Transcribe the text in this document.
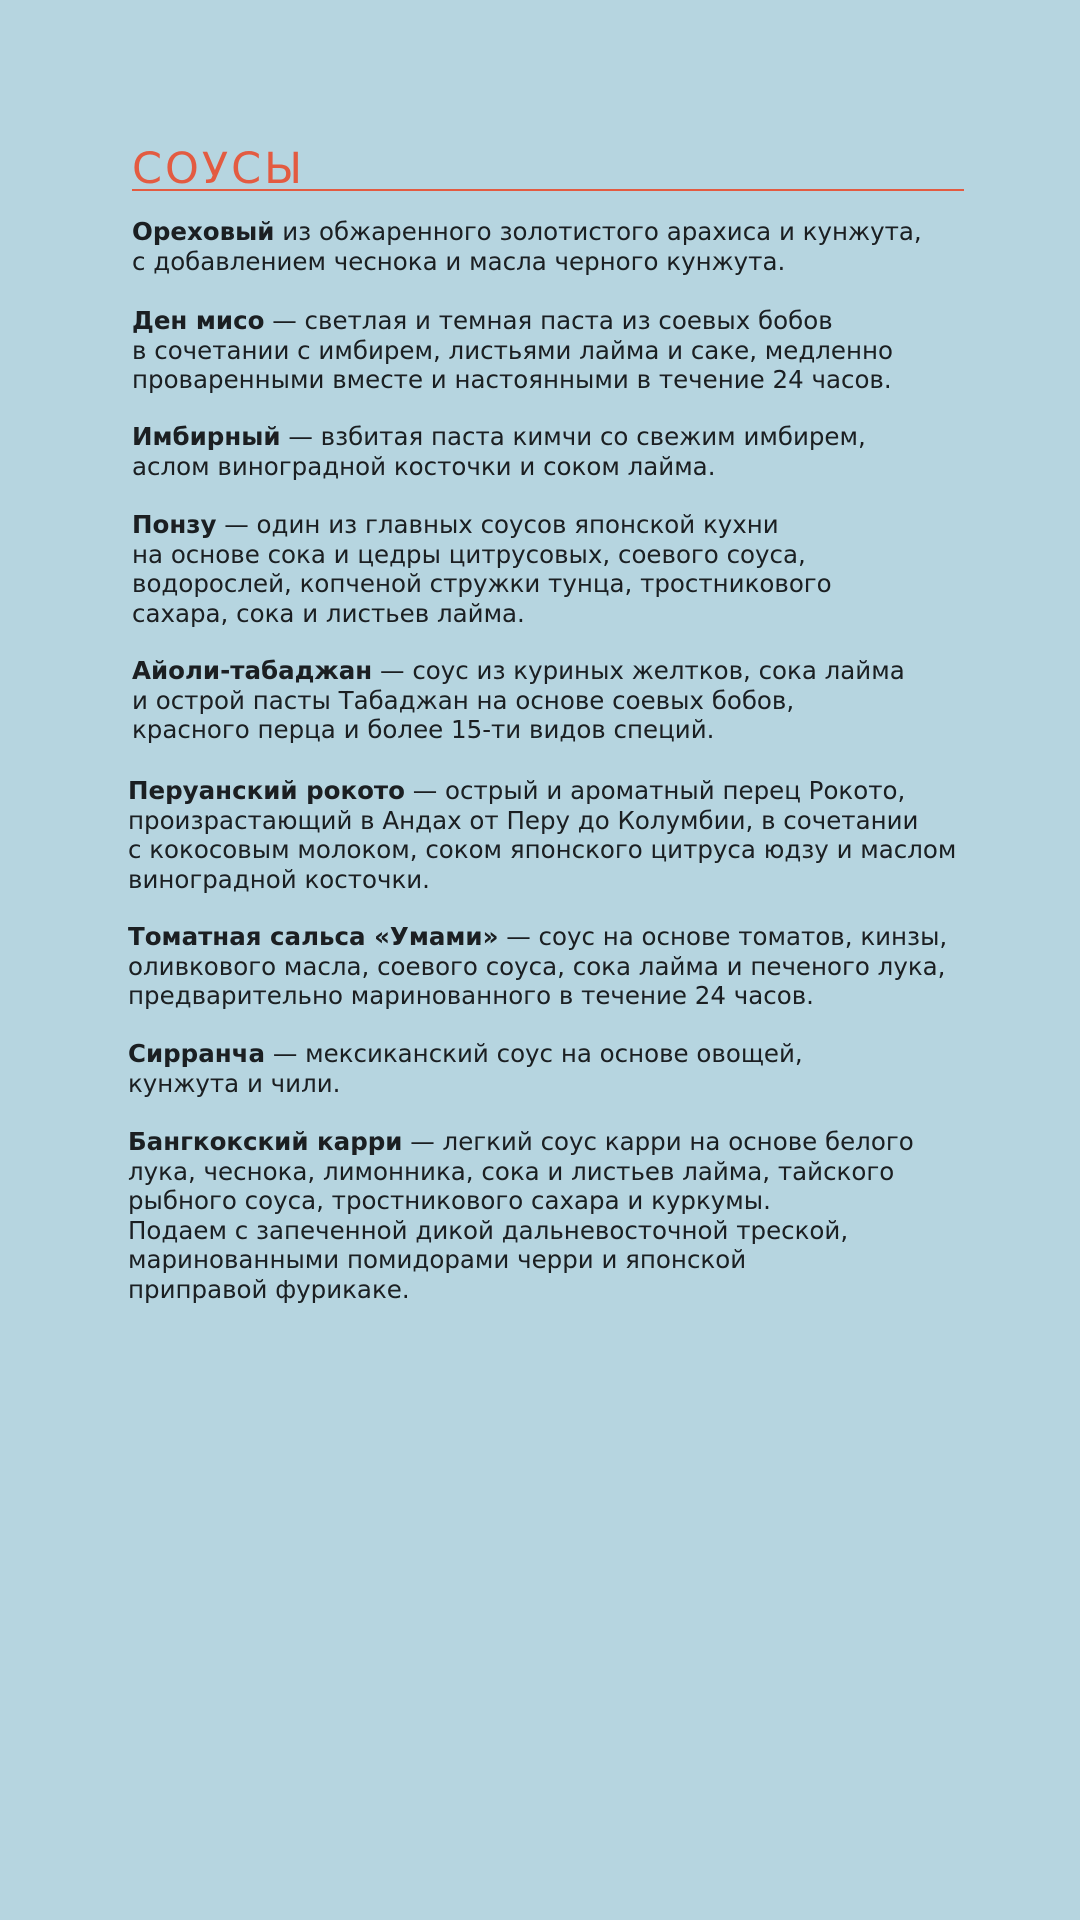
СОУСЫ

Ореховый из обжаренного золотистого арахиса и кунжута,
с добавлением чеснока и масла черного кунжута.

Ден мисо — светлая и темная паста из соевых бобов
в сочетании с имбирем, листьями лайма и саке, медленно
проваренными вместе и настоянными в течение 24 часов.

Имбирный — взбитая паста кимчи со свежим имбирем,
аслом виноградной косточки и соком лайма.

Понзу — один из главных соусов японской кухни
на основе сока и цедры цитрусовых, соевого соуса,
водорослей, копченой стружки тунца, тростникового
сахара, сока и листьев лайма.

Айоли-табаджан — соус из куриных желтков, сока лайма
и острой пасты Табаджан на основе соевых бобов,
красного перца и более 15-ти видов специй.

Перуанский рокото — острый и ароматный перец Рокото,
произрастающий в Андах от Перу до Колумбии, в сочетании
с кокосовым молоком, соком японского цитруса юдзу и маслом
виноградной косточки.

Томатная сальса «Умами» — соус на основе томатов, кинзы,
оливкового масла, соевого соуса, сока лайма и печеного лука,
предварительно маринованного в течение 24 часов.

Сирранча — мексиканский соус на основе овощей,
кунжута и чили.

Бангкокский карри — легкий соус карри на основе белого
лука, чеснока, лимонника, сока и листьев лайма, тайского
рыбного соуса, тростникового сахара и куркумы.
Подаем с запеченной дикой дальневосточной треской,
маринованными помидорами черри и японской
приправой фурикаке.
